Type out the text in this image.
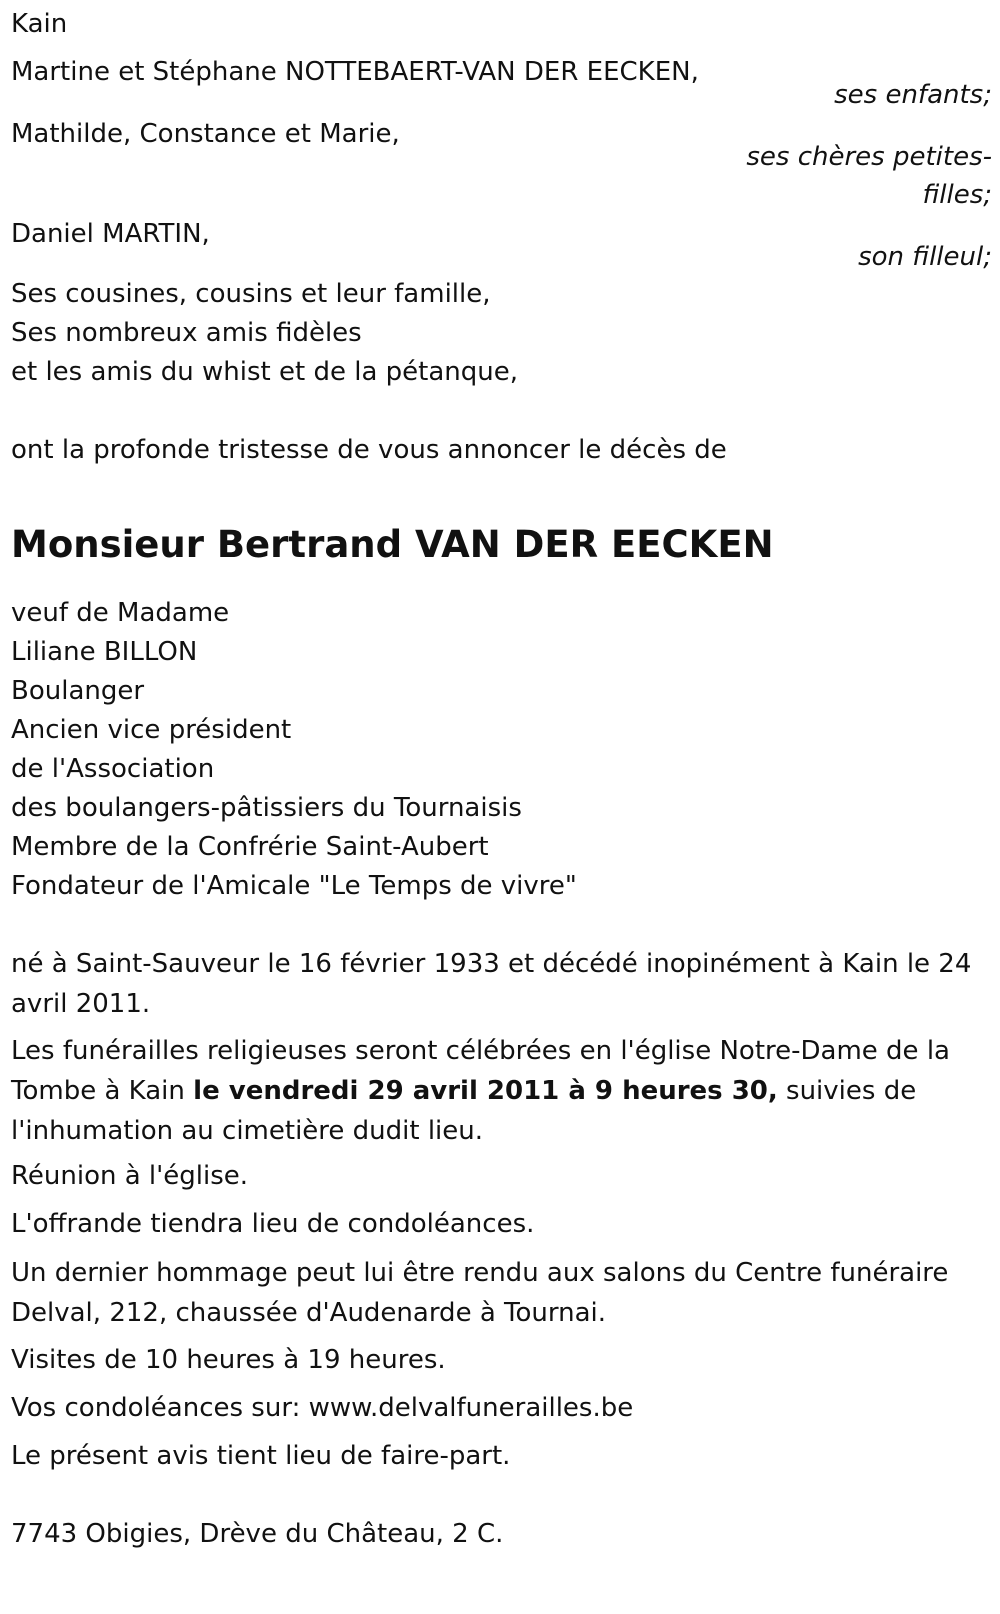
Kain
Martine et Stéphane NOTTEBAERT-VAN DER EECKEN,
ses enfants;
Mathilde, Constance et Marie,
ses chères petites-
filles;
Daniel MARTIN,
son filleul;
Ses cousines, cousins et leur famille,
Ses nombreux amis fidèles
et les amis du whist et de la pétanque,
ont la profonde tristesse de vous annoncer le décès de
Monsieur Bertrand VAN DER EECKEN
veuf de Madame
Liliane BILLON
Boulanger
Ancien vice président
de l'Association
des boulangers-pâtissiers du Tournaisis
Membre de la Confrérie Saint-Aubert
Fondateur de l'Amicale "Le Temps de vivre"
né à Saint-Sauveur le 16 février 1933 et décédé inopinément à Kain le 24 avril 2011.
Les funérailles religieuses seront célébrées en l'église Notre-Dame de la Tombe à Kain le vendredi 29 avril 2011 à 9 heures 30, suivies de l'inhumation au cimetière dudit lieu.
Réunion à l'église.
L'offrande tiendra lieu de condoléances.
Un dernier hommage peut lui être rendu aux salons du Centre funéraire Delval, 212, chaussée d'Audenarde à Tournai.
Visites de 10 heures à 19 heures.
Vos condoléances sur: www.delvalfunerailles.be
Le présent avis tient lieu de faire-part.
7743 Obigies, Drève du Château, 2 C.
